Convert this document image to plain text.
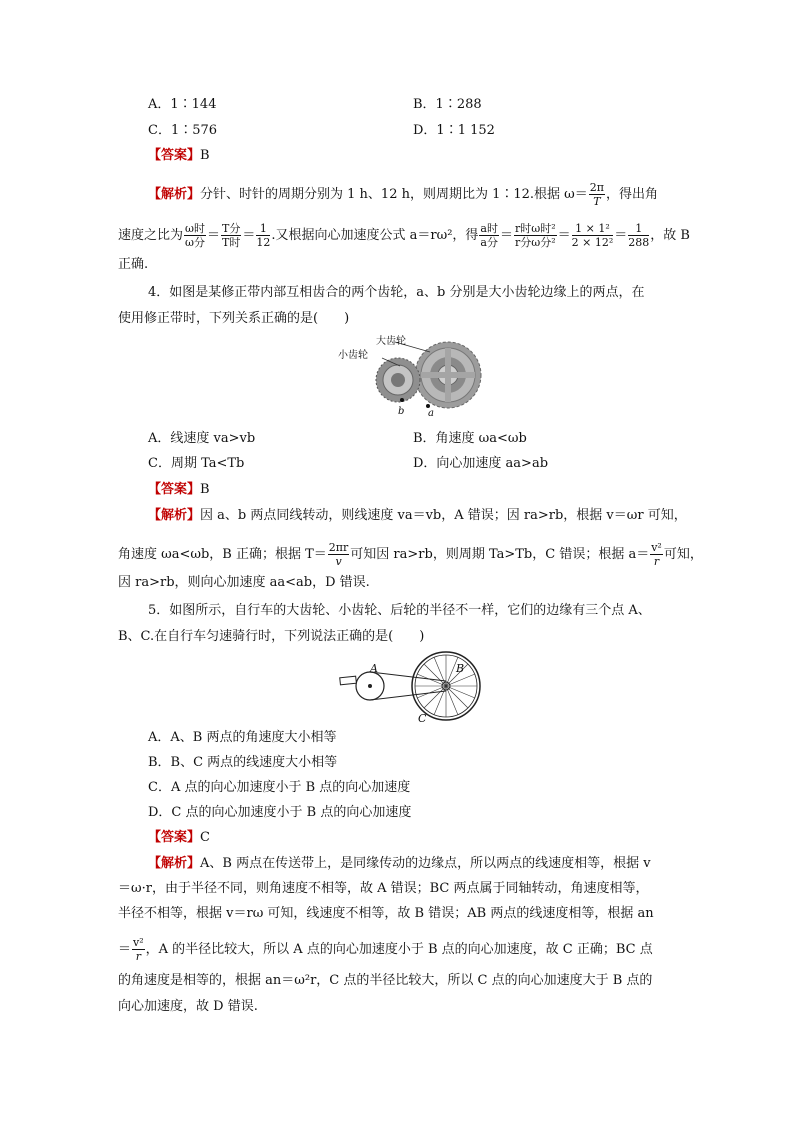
A．1∶144	B．1∶288
C．1∶576	D．1∶1 152
【答案】B
【解析】分针、时针的周期分别为 1 h、12 h，则周期比为 1∶12.根据 $\omega= \frac{2\pi}{T}$ ，得出角
速度之比为 $\frac{\text{ω时}}{\text{ω分}} = \frac{\text{T分}}{\text{T时}} = \frac{1}{12}$ .又根据向心加速度公式 a＝rω²，得 $\frac{\text{a时}}{\text{a分}} = \frac{\text{r时ω时²}}{\text{r分ω分²}} = \frac{\text{1 × 1²}}{\text{2 × 12²}} = \frac{1}{288}$ ，故 B
正确.
4．如图是某修正带内部互相齿合的两个齿轮，a、b 分别是大小齿轮边缘上的两点，在
使用修正带时，下列关系正确的是(　　)
大齿轮
小齿轮
a
b
A．线速度 va>vb	B．角速度 ωa<ωb
C．周期 Ta<Tb	D．向心加速度 aa>ab
【答案】B
【解析】因 a、b 两点同线转动，则线速度 va＝vb，A 错误；因 ra>rb，根据 v＝ωr 可知，
角速度 ωa<ωb，B 正确；根据 $T= \frac{2\pi r}{v}$ 可知因 ra>rb，则周期 Ta>Tb，C 错误；根据 $a= \frac{\text{v²}}{r}$ 可知，
因 ra>rb，则向心加速度 aa<ab，D 错误.
5．如图所示，自行车的大齿轮、小齿轮、后轮的半径不一样，它们的边缘有三个点 A、
B、C.在自行车匀速骑行时，下列说法正确的是(　　)
A	B
C
A．A、B 两点的角速度大小相等
B．B、C 两点的线速度大小相等
C．A 点的向心加速度小于 B 点的向心加速度
D．C 点的向心加速度小于 B 点的向心加速度
【答案】C
【解析】A、B 两点在传送带上，是同缘传动的边缘点，所以两点的线速度相等，根据 v
＝ω·r，由于半径不同，则角速度不相等，故 A 错误；BC 两点属于同轴转动，角速度相等，
半径不相等，根据 v＝rω 可知，线速度不相等，故 B 错误；AB 两点的线速度相等，根据 an
＝ $\frac{\text{v²}}{r}$ ，A 的半径比较大，所以 A 点的向心加速度小于 B 点的向心加速度，故 C 正确；BC 点
的角速度是相等的，根据 an＝ω²r，C 点的半径比较大，所以 C 点的向心加速度大于 B 点的
向心加速度，故 D 错误.
